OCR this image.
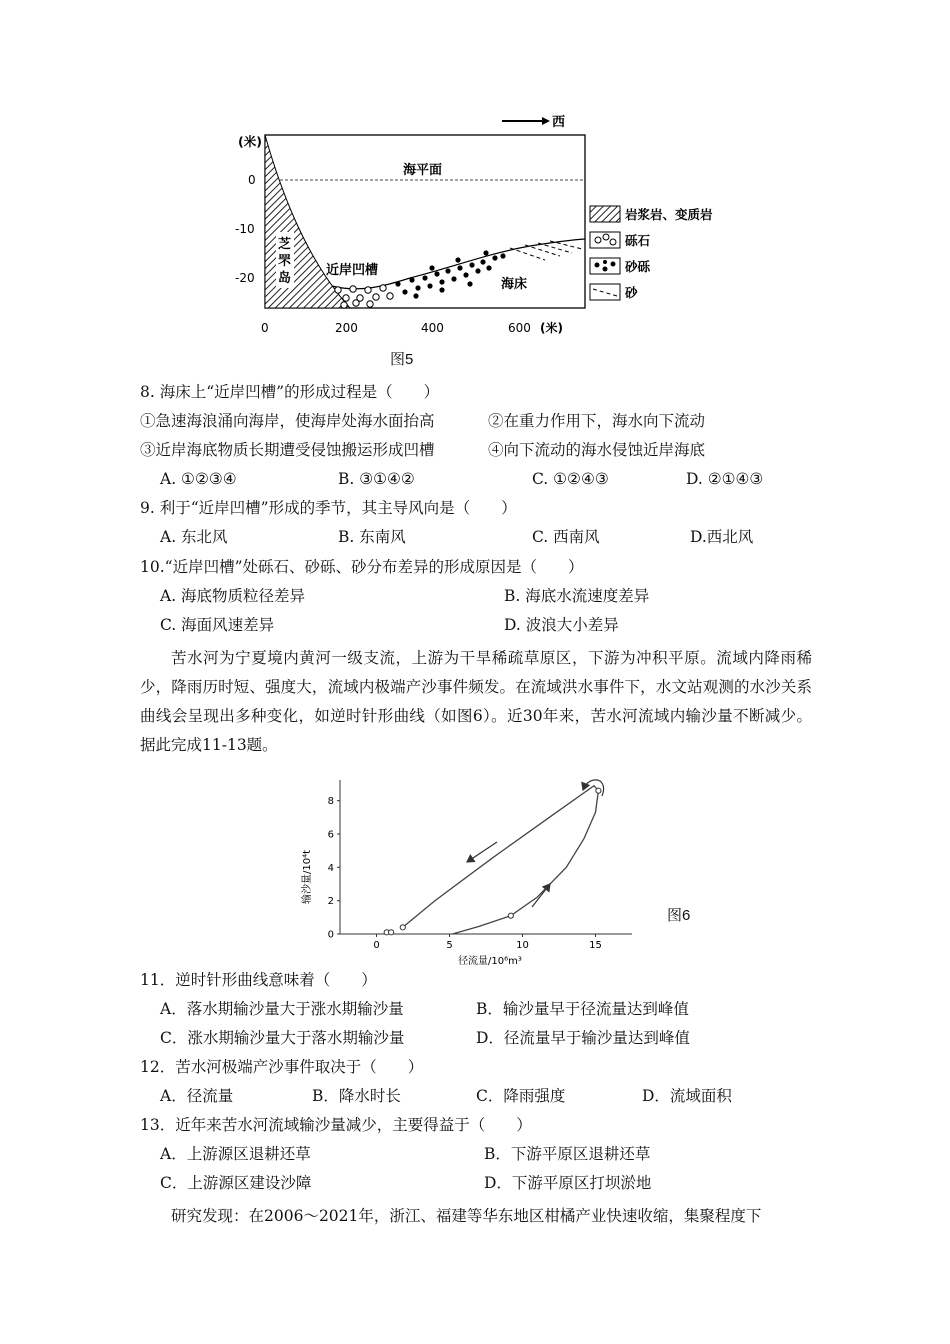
西
(米)
海平面
0
-10
-20
0	200	400	600 (米)
芝
罘
岛
近岸凹槽
海床
岩浆岩、变质岩
砾石
砂砾
砂
图5
8. 海床上“近岸凹槽”的形成过程是（　　）
①急速海浪涌向海岸，使海岸处海水面抬高	②在重力作用下，海水向下流动
③近岸海底物质长期遭受侵蚀搬运形成凹槽	④向下流动的海水侵蚀近岸海底
A. ①②③④	B. ③①④②	C. ①②④③	D. ②①④③
9. 利于“近岸凹槽”形成的季节，其主导风向是（　　）
A. 东北风	B. 东南风	C. 西南风	D.西北风
10.“近岸凹槽”处砾石、砂砾、砂分布差异的形成原因是（　　）
A. 海底物质粒径差异	B. 海底水流速度差异
C. 海面风速差异	D. 波浪大小差异
苦水河为宁夏境内黄河一级支流，上游为干旱稀疏草原区，下游为冲积平原。流域内降雨稀少，降雨历时短、强度大，流域内极端产沙事件频发。在流域洪水事件下，水文站观测的水沙关系曲线会呈现出多种变化，如逆时针形曲线（如图6）。近30年来，苦水河流域内输沙量不断减少。据此完成11-13题。
输沙量/10⁴t
径流量/10⁶m³
0
2
4
6
8
0	5	10	15
图6
11．逆时针形曲线意味着（　　）
A．落水期输沙量大于涨水期输沙量	B．输沙量早于径流量达到峰值
C．涨水期输沙量大于落水期输沙量	D．径流量早于输沙量达到峰值
12．苦水河极端产沙事件取决于（　　）
A．径流量	B．降水时长	C．降雨强度	D．流域面积
13．近年来苦水河流域输沙量减少，主要得益于（　　）
A．上游源区退耕还草	B．下游平原区退耕还草
C．上游源区建设沙障	D．下游平原区打坝淤地
研究发现：在2006～2021年，浙江、福建等华东地区柑橘产业快速收缩，集聚程度下
